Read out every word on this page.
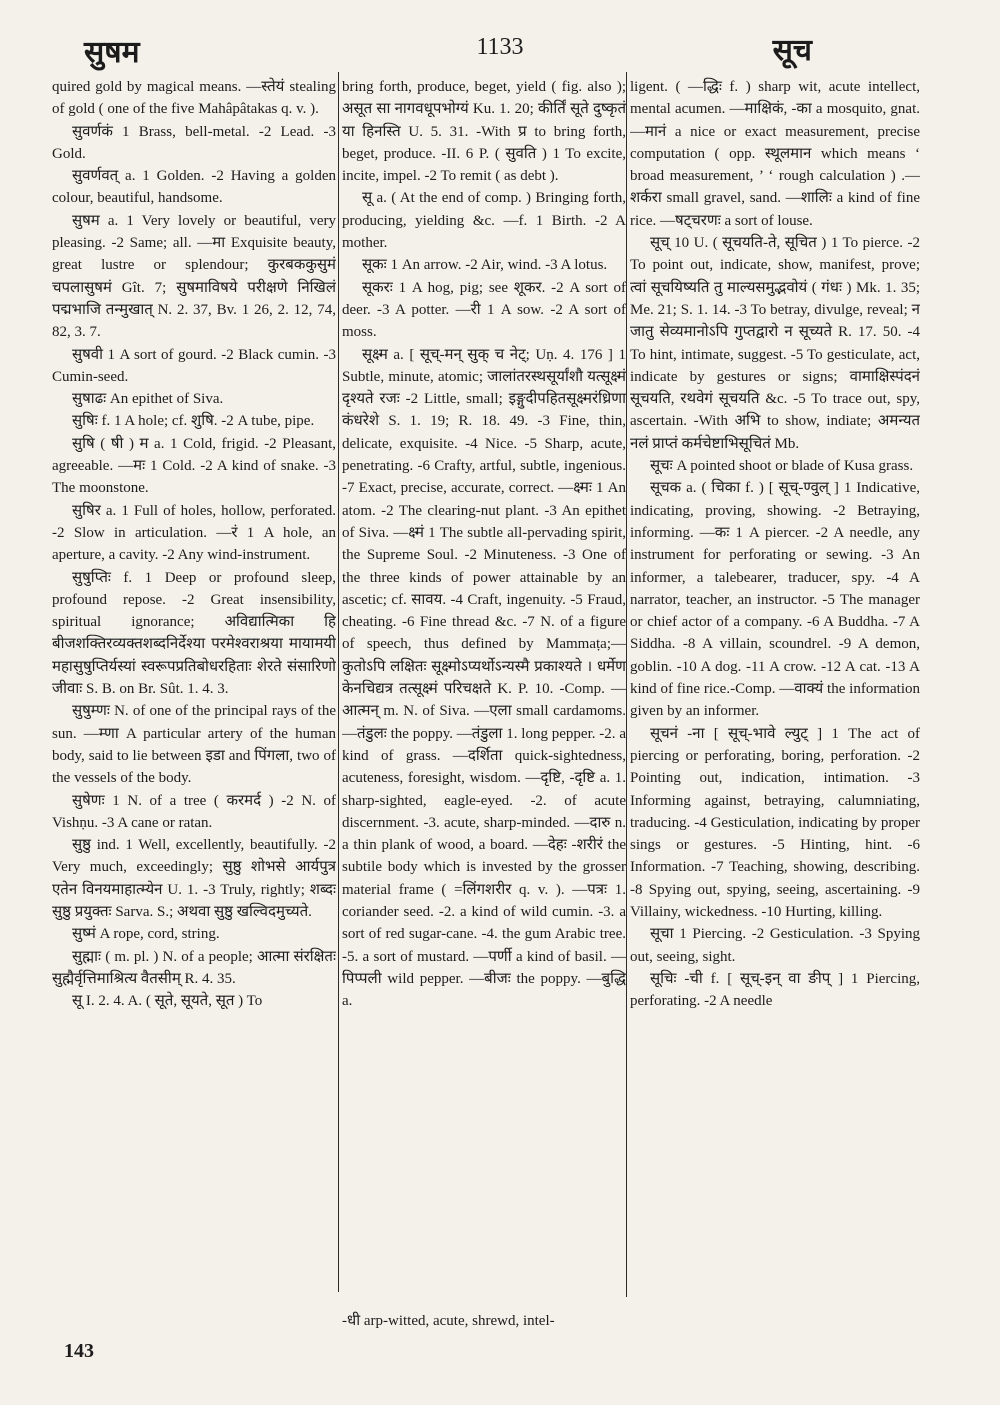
सुषम	1133	सूच

quired gold by magical means. —स्तेयं stealing of gold ( one of the five Mahâpâtakas q. v. ).

सुवर्णकं 1 Brass, bell-metal. -2 Lead. -3 Gold.

सुवर्णवत् a. 1 Golden. -2 Having a golden colour, beautiful, handsome.

सुषम a. 1 Very lovely or beautiful, very pleasing. -2 Same; all. —मा Exquisite beauty, great lustre or splendour; कुरबककुसुमं चपलासुषमं Gît. 7; सुषमाविषये परीक्षणे निखिलं पद्मभाजि तन्मुखात् N. 2. 37, Bv. 1 26, 2. 12, 74, 82, 3. 7.

सुषवी 1 A sort of gourd. -2 Black cumin. -3 Cumin-seed.

सुषाढः An epithet of Siva.

सुषिः f. 1 A hole; cf. शुषि. -2 A tube, pipe.

सुषि ( षी ) म a. 1 Cold, frigid. -2 Pleasant, agreeable. —मः 1 Cold. -2 A kind of snake. -3 The moonstone.

सुषिर a. 1 Full of holes, hollow, perforated. -2 Slow in articulation. —रं 1 A hole, an aperture, a cavity. -2 Any wind-instrument.

सुषुप्तिः f. 1 Deep or profound sleep, profound repose. -2 Great insensibility, spiritual ignorance; अविद्यात्मिका हि बीजशक्तिरव्यक्तशब्दनिर्देश्या परमेश्वराश्रया मायामयी महासुषुप्तिर्यस्यां स्वरूपप्रतिबोधरहिताः शेरते संसारिणो जीवाः S. B. on Br. Sût. 1. 4. 3.

सुषुम्णः N. of one of the principal rays of the sun. —म्णा A particular artery of the human body, said to lie between इडा and पिंगला, two of the vessels of the body.

सुषेणः 1 N. of a tree ( करमर्द ) -2 N. of Vishṇu. -3 A cane or ratan.

सुष्ठु ind. 1 Well, excellently, beautifully. -2 Very much, exceedingly; सुष्ठु शोभसे आर्यपुत्र एतेन विनयमाहात्म्येन U. 1. -3 Truly, rightly; शब्दः सुष्ठु प्रयुक्तः Sarva. S.; अथवा सुष्ठु खल्विदमुच्यते.

सुष्मं A rope, cord, string.

सुह्माः ( m. pl. ) N. of a people; आत्मा संरक्षितः सुह्मैर्वृत्तिमाश्रित्य वैतसीम् R. 4. 35.

सू I. 2. 4. A. ( सूते, सूयते, सूत ) To

bring forth, produce, beget, yield ( fig. also ); असूत सा नागवधूपभोग्यं Ku. 1. 20; कीर्तिं सूते दुष्कृतं या हिनस्ति U. 5. 31. -With प्र to bring forth, beget, produce. -II. 6 P. ( सुवति ) 1 To excite, incite, impel. -2 To remit ( as debt ).

सू a. ( At the end of comp. ) Bringing forth, producing, yielding &c. —f. 1 Birth. -2 A mother.

सूकः 1 An arrow. -2 Air, wind. -3 A lotus.

सूकरः 1 A hog, pig; see शूकर. -2 A sort of deer. -3 A potter. —री 1 A sow. -2 A sort of moss.

सूक्ष्म a. [ सूच्-मन् सुक् च नेट्; Uṇ. 4. 176 ] 1 Subtle, minute, atomic; जालांतरस्थसूर्यांशौ यत्सूक्ष्मं दृश्यते रजः -2 Little, small; इङ्गुदीपहितसूक्ष्मरंध्रिणा कंधरेशे S. 1. 19; R. 18. 49. -3 Fine, thin, delicate, exquisite. -4 Nice. -5 Sharp, acute, penetrating. -6 Crafty, artful, subtle, ingenious. -7 Exact, precise, accurate, correct. —क्ष्मः 1 An atom. -2 The clearing-nut plant. -3 An epithet of Siva. —क्ष्मं 1 The subtle all-pervading spirit, the Supreme Soul. -2 Minuteness. -3 One of the three kinds of power attainable by an ascetic; cf. सावय. -4 Craft, ingenuity. -5 Fraud, cheating. -6 Fine thread &c. -7 N. of a figure of speech, thus defined by Mammaṭa;—कुतोऽपि लक्षितः सूक्ष्मोऽप्यर्थोऽन्यस्मै प्रकाश्यते । धर्मेण केनचिद्यत्र तत्सूक्ष्मं परिचक्षते K. P. 10. -Comp. —आत्मन् m. N. of Siva. —एला small cardamoms. —तंडुलः the poppy. —तंडुला 1. long pepper. -2. a kind of grass. —दर्शिता quick-sightedness, acuteness, foresight, wisdom. —दृष्टि, -दृष्टि a. 1. sharp-sighted, eagle-eyed. -2. of acute discernment. -3. acute, sharp-minded. —दारु n. a thin plank of wood, a board. —देहः -शरीरं the subtile body which is invested by the grosser material frame ( =लिंगशरीर q. v. ). —पत्रः 1. coriander seed. -2. a kind of wild cumin. -3. a sort of red sugar-cane. -4. the gum Arabic tree. -5. a sort of mustard. —पर्णी a kind of basil. —पिप्पली wild pepper. —बीजः the poppy. —बुद्धि a.

ligent. ( —द्धिः f. ) sharp wit, acute intellect, mental acumen. —माक्षिकं, -का a mosquito, gnat. —मानं a nice or exact measurement, precise computation ( opp. स्थूलमान which means ‘ broad measurement, ’ ‘ rough calculation ) .—शर्करा small gravel, sand. —शालिः a kind of fine rice. —षट्चरणः a sort of louse.

सूच् 10 U. ( सूचयति-ते, सूचित ) 1 To pierce. -2 To point out, indicate, show, manifest, prove; त्वां सूचयिष्यति तु माल्यसमुद्भवोयं ( गंधः ) Mk. 1. 35; Me. 21; S. 1. 14. -3 To betray, divulge, reveal; न जातु सेव्यमानोऽपि गुप्तद्वारो न सूच्यते R. 17. 50. -4 To hint, intimate, suggest. -5 To gesticulate, act, indicate by gestures or signs; वामाक्षिस्पंदनं सूचयति, रथवेगं सूचयति &c. -5 To trace out, spy, ascertain. -With अभि to show, indiate; अमन्यत नलं प्राप्तं कर्मचेष्टाभिसूचितं Mb.

सूचः A pointed shoot or blade of Kusa grass.

सूचक a. ( चिका f. ) [ सूच्-ण्वुल् ] 1 Indicative, indicating, proving, showing. -2 Betraying, informing. —कः 1 A piercer. -2 A needle, any instrument for perforating or sewing. -3 An informer, a talebearer, traducer, spy. -4 A narrator, teacher, an instructor. -5 The manager or chief actor of a company. -6 A Buddha. -7 A Siddha. -8 A villain, scoundrel. -9 A demon, goblin. -10 A dog. -11 A crow. -12 A cat. -13 A kind of fine rice.-Comp. —वाक्यं the information given by an informer.

सूचनं -ना [ सूच्-भावे ल्युट् ] 1 The act of piercing or perforating, boring, perforation. -2 Pointing out, indication, intimation. -3 Informing against, betraying, calumniating, traducing. -4 Gesticulation, indicating by proper sings or gestures. -5 Hinting, hint. -6 Information. -7 Teaching, showing, describing. -8 Spying out, spying, seeing, ascertaining. -9 Villainy, wickedness. -10 Hurting, killing.

सूचा 1 Piercing. -2 Gesticulation. -3 Spying out, seeing, sight.

सूचिः -ची f. [ सूच्-इन् वा ङीप् ] 1 Piercing, perforating. -2 A needle

-धी arp-witted, acute, shrewd, intel-
143
